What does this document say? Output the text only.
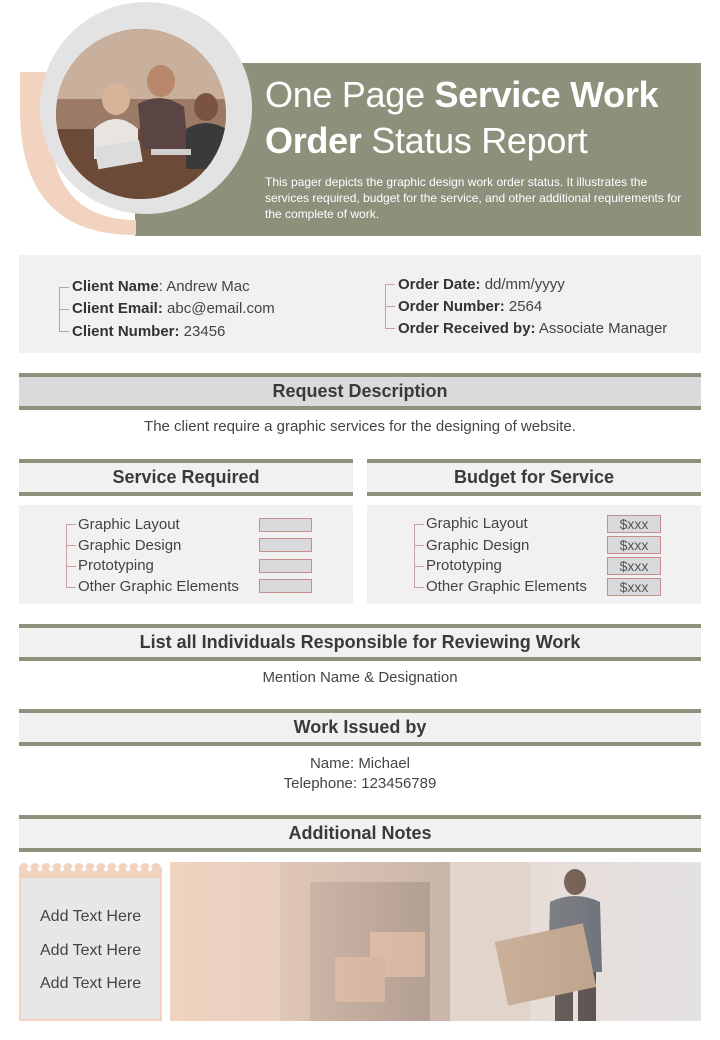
One Page Service Work
Order Status Report
This pager depicts the graphic design work order status. It illustrates the services required, budget for the service, and other additional requirements for the complete of work.
Client Name: Andrew Mac
Client Email: abc@email.com
Client Number: 23456
Order Date: dd/mm/yyyy
Order Number: 2564
Order Received by: Associate Manager
Request Description
The client require a graphic services for the designing of website.
Service Required
Graphic Layout
Graphic Design
Prototyping
Other Graphic Elements
Budget for Service
Graphic Layout
Graphic Design
Prototyping
Other Graphic Elements
$xxx
$xxx
$xxx
$xxx
List all Individuals Responsible for Reviewing Work
Mention Name & Designation
Work Issued by
Name: Michael
Telephone: 123456789
Additional Notes
Add Text Here
Add Text Here
Add Text Here
